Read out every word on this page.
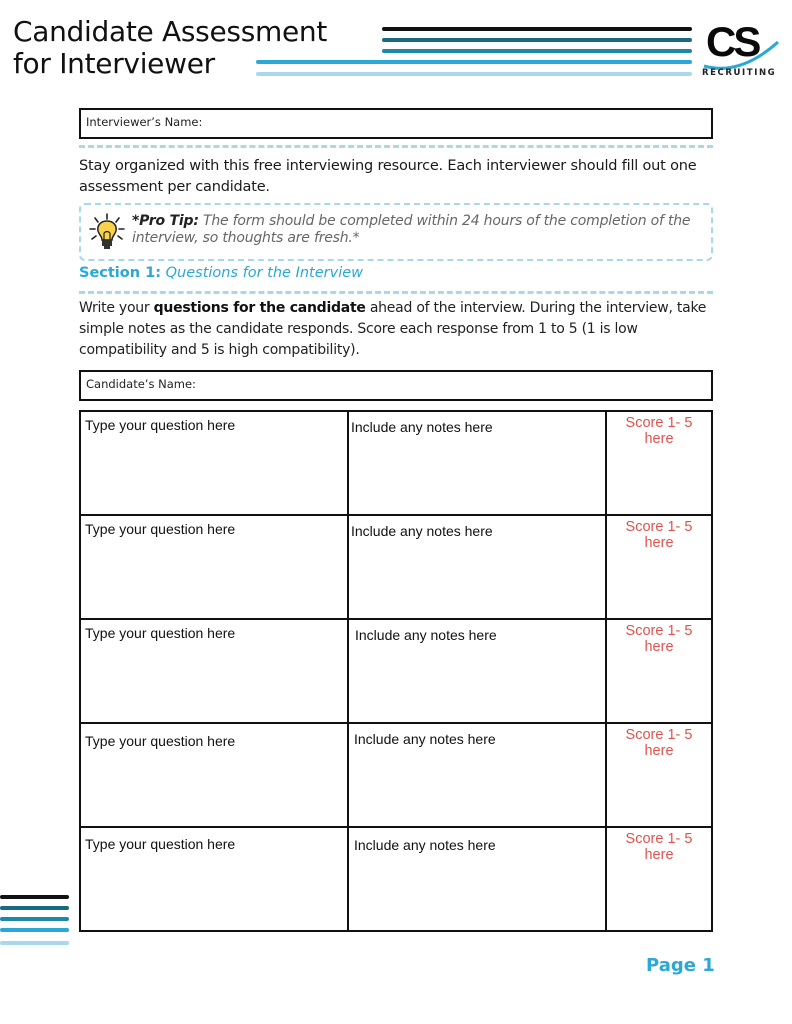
Candidate Assessment
for Interviewer	CS
RECRUITING
Interviewer’s Name:
Stay organized with this free interviewing resource. Each interviewer should fill out one assessment per candidate.
*Pro Tip: The form should be completed within 24 hours of the completion of the interview, so thoughts are fresh.*
Section 1: Questions for the Interview
Write your questions for the candidate ahead of the interview. During the interview, take simple notes as the candidate responds. Score each response from 1 to 5 (1 is low compatibility and 5 is high compatibility).
Candidate’s Name:
Type your question here	Include any notes here	Score 1- 5 here

Type your question here	Include any notes here	Score 1- 5 here

Type your question here	Include any notes here	Score 1- 5 here

Type your question here	Include any notes here	Score 1- 5 here

Type your question here	Include any notes here	Score 1- 5 here
Page 1
